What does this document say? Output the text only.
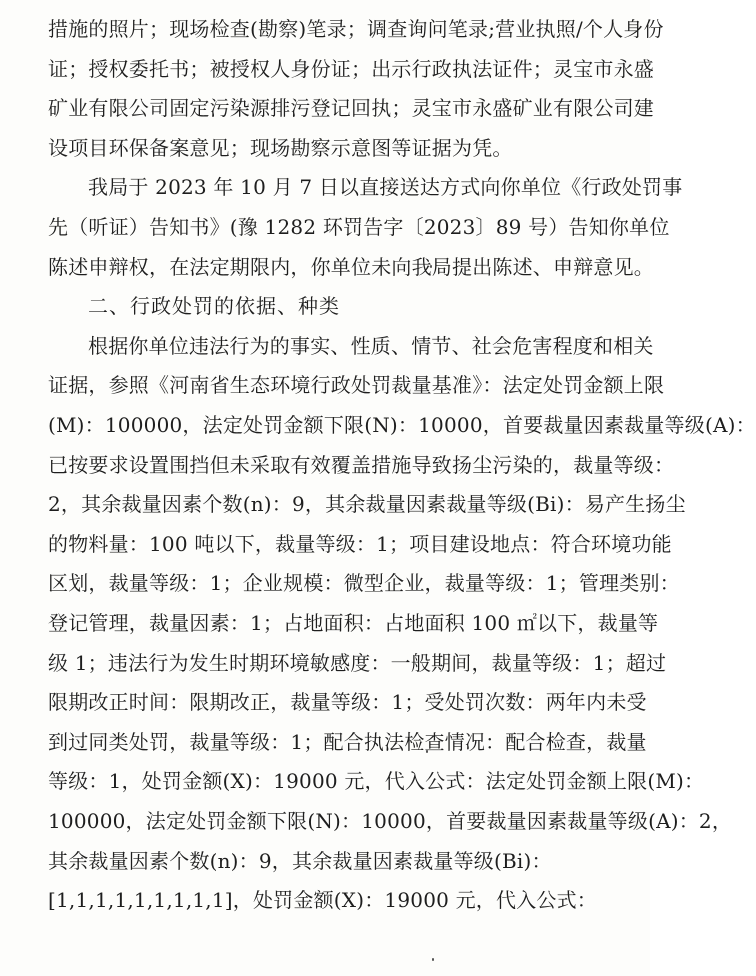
措施的照片；现场检查(勘察)笔录；调查询问笔录;营业执照/个人身份
证；授权委托书；被授权人身份证；出示行政执法证件；灵宝市永盛
矿业有限公司固定污染源排污登记回执；灵宝市永盛矿业有限公司建
设项目环保备案意见；现场勘察示意图等证据为凭。
我局于 2023 年 10 月 7 日以直接送达方式向你单位《行政处罚事
先（听证）告知书》(豫 1282 环罚告字〔2023〕89 号）告知你单位
陈述申辩权，在法定期限内，你单位未向我局提出陈述、申辩意见。
二、行政处罚的依据、种类
根据你单位违法行为的事实、性质、情节、社会危害程度和相关
证据，参照《河南省生态环境行政处罚裁量基准》：法定处罚金额上限
(M)：100000，法定处罚金额下限(N)：10000，首要裁量因素裁量等级(A)：
已按要求设置围挡但未采取有效覆盖措施导致扬尘污染的，裁量等级：
2，其余裁量因素个数(n)：9，其余裁量因素裁量等级(Bi)：易产生扬尘
的物料量：100 吨以下，裁量等级：1；项目建设地点：符合环境功能
区划，裁量等级：1；企业规模：微型企业，裁量等级：1；管理类别：
登记管理，裁量因素：1；占地面积：占地面积 100 ㎡以下，裁量等
级 1；违法行为发生时期环境敏感度：一般期间，裁量等级：1；超过
限期改正时间：限期改正，裁量等级：1；受处罚次数：两年内未受
到过同类处罚，裁量等级：1；配合执法检查情况：配合检查，裁量
等级：1，处罚金额(X)：19000 元，代入公式：法定处罚金额上限(M)：
100000，法定处罚金额下限(N)：10000，首要裁量因素裁量等级(A)：2，
其余裁量因素个数(n)：9，其余裁量因素裁量等级(Bi)：
[1,1,1,1,1,1,1,1,1]，处罚金额(X)：19000 元，代入公式：
